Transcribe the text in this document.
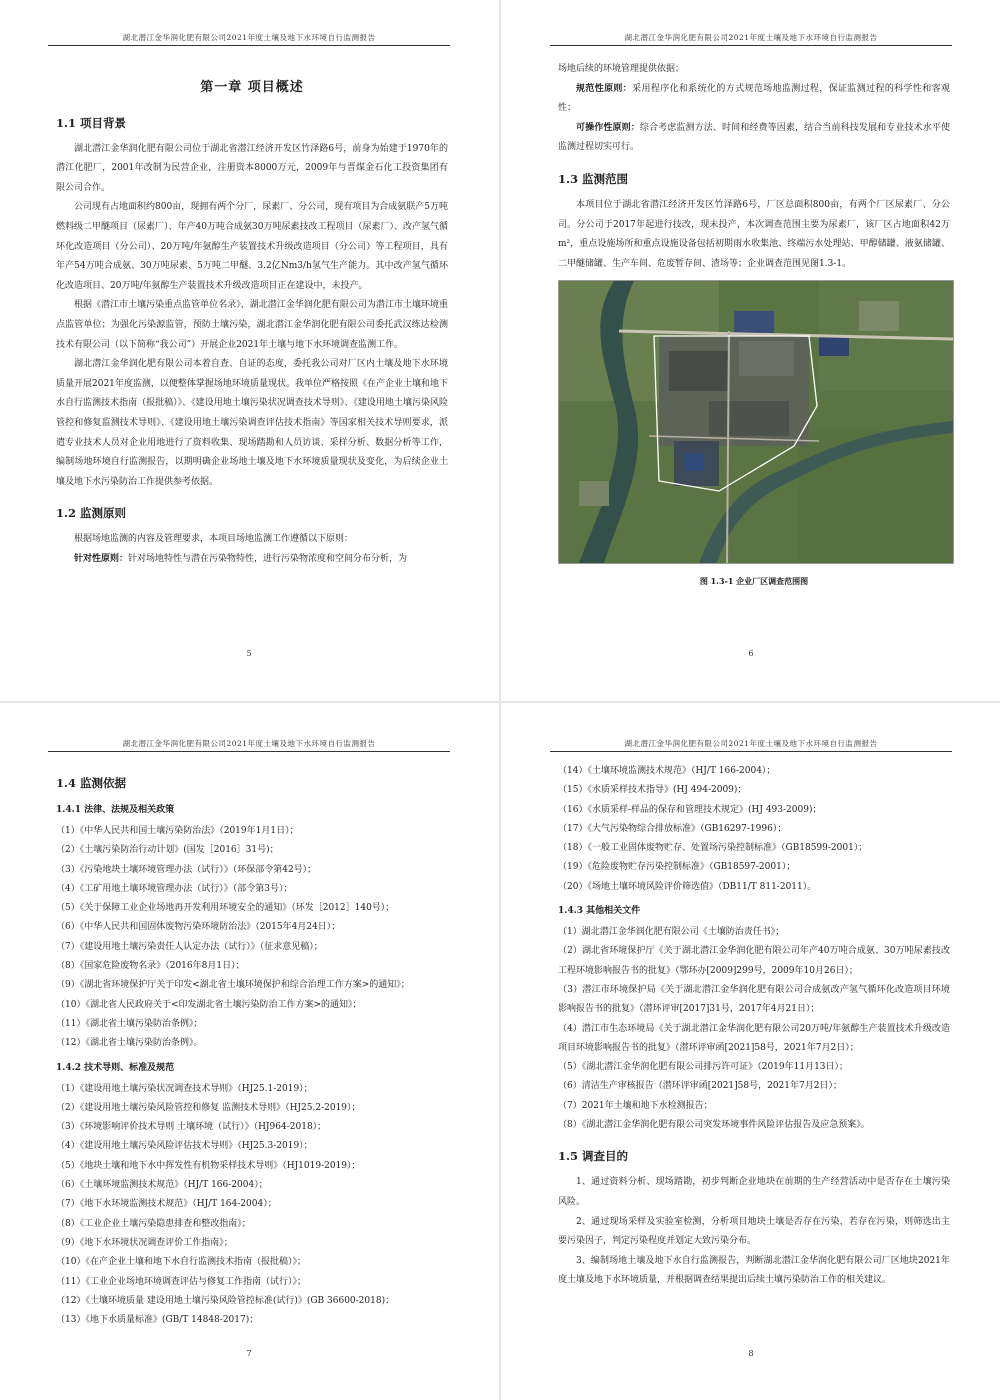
湖北潜江金华润化肥有限公司2021年度土壤及地下水环境自行监测报告
第一章 项目概述
1.1 项目背景

湖北潜江金华润化肥有限公司位于湖北省潜江经济开发区竹泽路6号，前身为始建于1970年的潜江化肥厂，2001年改制为民营企业，注册资本8000万元，2009年与晋煤金石化工投资集团有限公司合作。

公司现有占地面积约800亩，现拥有两个分厂，尿素厂、分公司，现有项目为合成氨联产5万吨燃料级二甲醚项目（尿素厂）、年产40万吨合成氨30万吨尿素技改工程项目（尿素厂）、改产氢气循环化改造项目（分公司）、20万吨/年氨醇生产装置技术升级改造项目（分公司）等工程项目，具有年产54万吨合成氨、30万吨尿素、5万吨二甲醚、3.2亿Nm3/h氢气生产能力。其中改产氢气循环化改造项目、20万吨/年氨醇生产装置技术升级改造项目正在建设中，未投产。

根据《潜江市土壤污染重点监管单位名录》，湖北潜江金华润化肥有限公司为潜江市土壤环境重点监管单位；为强化污染源监管，预防土壤污染，湖北潜江金华润化肥有限公司委托武汉练达检测技术有限公司（以下简称“我公司”）开展企业2021年土壤与地下水环境调查监测工作。

湖北潜江金华润化肥有限公司本着自查、自证的态度，委托我公司对厂区内土壤及地下水环境质量开展2021年度监测，以便整体掌握场地环境质量现状。我单位严格按照《在产企业土壤和地下水自行监测技术指南（报批稿）》、《建设用地土壤污染状况调查技术导则》、《建设用地土壤污染风险管控和修复监测技术导则》、《建设用地土壤污染调查评估技术指南》等国家相关技术导则要求，派遣专业技术人员对企业用地进行了资料收集、现场踏勘和人员访谈、采样分析、数据分析等工作，编制场地环境自行监测报告，以期明确企业场地土壤及地下水环境质量现状及变化，为后续企业土壤及地下水污染防治工作提供参考依据。

1.2 监测原则

根据场地监测的内容及管理要求，本项目场地监测工作遵循以下原则：

针对性原则：针对场地特性与潜在污染物特性，进行污染物浓度和空间分布分析，为

5
湖北潜江金华润化肥有限公司2021年度土壤及地下水环境自行监测报告

场地后续的环境管理提供依据；

规范性原则：采用程序化和系统化的方式规范场地监测过程，保证监测过程的科学性和客观性；

可操作性原则：综合考虑监测方法、时间和经费等因素，结合当前科技发展和专业技术水平使监测过程切实可行。

1.3 监测范围

本项目位于湖北省潜江经济开发区竹泽路6号，厂区总面积800亩，有两个厂区尿素厂、分公司。分公司于2017年起进行技改，现未投产，本次调查范围主要为尿素厂，该厂区占地面积42万m²，重点设施场所和重点设施设备包括初期雨水收集池、终端污水处理站、甲醇储罐、液氨储罐、二甲醚储罐、生产车间、危废暂存间、渣场等；企业调查范围见图1.3-1。

图 1.3-1 企业厂区调查范围图
6
湖北潜江金华润化肥有限公司2021年度土壤及地下水环境自行监测报告
1.4 监测依据
1.4.1 法律、法规及相关政策

（1）《中华人民共和国土壤污染防治法》（2019年1月1日）；

（2）《土壤污染防治行动计划》(国发［2016］31号)；

（3）《污染地块土壤环境管理办法（试行）》（环保部令第42号）；

（4）《工矿用地土壤环境管理办法（试行）》（部令第3号）；

（5）《关于保障工业企业场地再开发利用环境安全的通知》（环发［2012］140号）；

（6）《中华人民共和国固体废物污染环境防治法》（2015年4月24日）；

（7）《建设用地土壤污染责任人认定办法（试行）》（征求意见稿）；

（8）《国家危险废物名录》（2016年8月1日）；

（9）《湖北省环境保护厅关于印发<湖北省土壤环境保护和综合治理工作方案>的通知》；

（10）《湖北省人民政府关于<印发湖北省土壤污染防治工作方案>的通知》；

（11）《湖北省土壤污染防治条例》；

（12）《湖北省土壤污染防治条例》。

1.4.2 技术导则、标准及规范

（1）《建设用地土壤污染状况调查技术导则》（HJ25.1-2019）；

（2）《建设用地土壤污染风险管控和修复 监测技术导则》（HJ25.2-2019）；

（3）《环境影响评价技术导则 土壤环境（试行）》（HJ964-2018）；

（4）《建设用地土壤污染风险评估技术导则》（HJ25.3-2019）；

（5）《地块土壤和地下水中挥发性有机物采样技术导则》（HJ1019-2019）；

（6）《土壤环境监测技术规范》（HJ/T 166-2004）；

（7）《地下水环境监测技术规范》（HJ/T 164-2004）；

（8）《工业企业土壤污染隐患排查和整改指南》；

（9）《地下水环境状况调查评价工作指南》；

（10）《在产企业土壤和地下水自行监测技术指南（报批稿）》；

（11）《工业企业场地环境调查评估与修复工作指南（试行）》；

（12）《土壤环境质量 建设用地土壤污染风险管控标准(试行)》(GB 36600-2018)；

（13）《地下水质量标准》(GB/T 14848-2017)；

7
湖北潜江金华润化肥有限公司2021年度土壤及地下水环境自行监测报告

（14）《土壤环境监测技术规范》（HJ/T 166-2004）；

（15）《水质采样技术指导》(HJ 494-2009)；

（16）《水质采样-样品的保存和管理技术规定》(HJ 493-2009)；

（17）《大气污染物综合排放标准》（GB16297-1996）；

（18）《一般工业固体废物贮存、处置场污染控制标准》（GB18599-2001）；

（19）《危险废物贮存污染控制标准》（GB18597-2001）；

（20）《场地土壤环境风险评价筛选值》（DB11/T 811-2011）。

1.4.3 其他相关文件

（1）湖北潜江金华润化肥有限公司《土壤防治责任书》；

（2）湖北省环境保护厅《关于湖北潜江金华润化肥有限公司年产40万吨合成氨、30万吨尿素技改工程环境影响报告书的批复》（鄂环办[2009]299号，2009年10月26日）；

（3）潜江市环境保护局《关于湖北潜江金华润化肥有限公司合成氨改产氢气循环化改造项目环境影响报告书的批复》（潜环评审[2017]31号，2017年4月21日）；

（4）潜江市生态环境局《关于湖北潜江金华润化肥有限公司20万吨/年氨醇生产装置技术升级改造项目环境影响报告书的批复》（潜环评审函[2021]58号，2021年7月2日）；

（5）《湖北潜江金华润化肥有限公司排污许可证》（2019年11月13日）；

（6）清洁生产审核报告（潜环评审函[2021]58号，2021年7月2日）；

（7）2021年土壤和地下水检测报告；

（8）《湖北潜江金华润化肥有限公司突发环境事件风险评估报告及应急预案》。

1.5 调查目的

1、通过资料分析、现场踏勘，初步判断企业地块在前期的生产经营活动中是否存在土壤污染风险。

2、通过现场采样及实验室检测，分析项目地块土壤是否存在污染，若存在污染，则筛选出主要污染因子，判定污染程度并划定大致污染分布。

3、编制场地土壤及地下水自行监测报告，判断湖北潜江金华润化肥有限公司厂区地块2021年度土壤及地下水环境质量，并根据调查结果提出后续土壤污染防治工作的相关建议。

8
